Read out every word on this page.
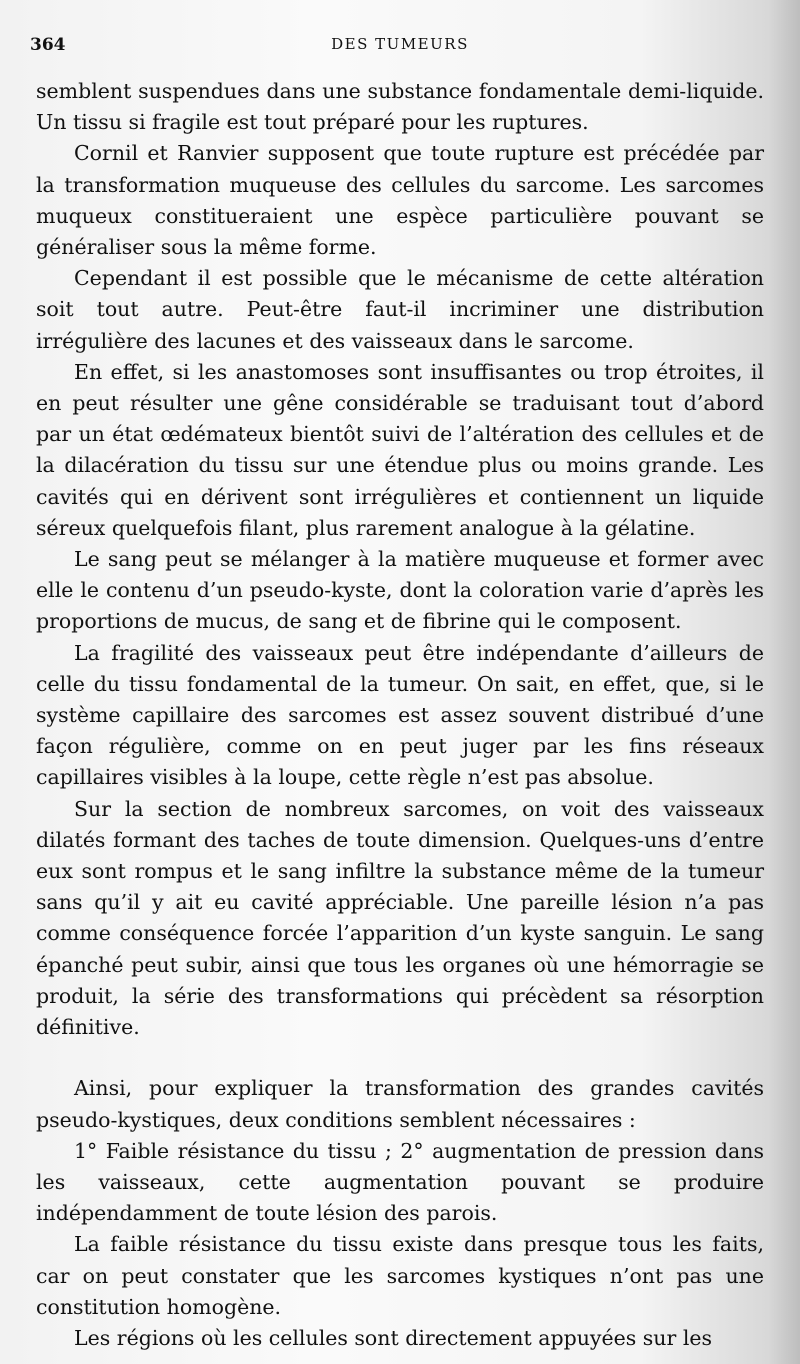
364	DES TUMEURS

semblent suspendues dans une substance fondamentale demi-liquide. Un tissu si fragile est tout préparé pour les ruptures.

Cornil et Ranvier supposent que toute rupture est précédée par la transformation muqueuse des cellules du sarcome. Les sarcomes muqueux constitueraient une espèce particulière pouvant se généraliser sous la même forme.

Cependant il est possible que le mécanisme de cette altération soit tout autre. Peut-être faut-il incriminer une distribution irrégulière des lacunes et des vaisseaux dans le sarcome.

En effet, si les anastomoses sont insuffisantes ou trop étroites, il en peut résulter une gêne considérable se traduisant tout d’abord par un état œdémateux bientôt suivi de l’altération des cellules et de la dilacération du tissu sur une étendue plus ou moins grande. Les cavités qui en dérivent sont irrégulières et contiennent un liquide séreux quelquefois filant, plus rarement analogue à la gélatine.

Le sang peut se mélanger à la matière muqueuse et former avec elle le contenu d’un pseudo-kyste, dont la coloration varie d’après les proportions de mucus, de sang et de fibrine qui le composent.

La fragilité des vaisseaux peut être indépendante d’ailleurs de celle du tissu fondamental de la tumeur. On sait, en effet, que, si le système capillaire des sarcomes est assez souvent distribué d’une façon régulière, comme on en peut juger par les fins réseaux capillaires visibles à la loupe, cette règle n’est pas absolue.

Sur la section de nombreux sarcomes, on voit des vaisseaux dilatés formant des taches de toute dimension. Quelques-uns d’entre eux sont rompus et le sang infiltre la substance même de la tumeur sans qu’il y ait eu cavité appréciable. Une pareille lésion n’a pas comme conséquence forcée l’apparition d’un kyste sanguin. Le sang épanché peut subir, ainsi que tous les organes où une hémorragie se produit, la série des transformations qui précèdent sa résorption définitive.

Ainsi, pour expliquer la transformation des grandes cavités pseudo-kystiques, deux conditions semblent nécessaires :

1° Faible résistance du tissu ; 2° augmentation de pression dans les vaisseaux, cette augmentation pouvant se produire indépendamment de toute lésion des parois.

La faible résistance du tissu existe dans presque tous les faits, car on peut constater que les sarcomes kystiques n’ont pas une constitution homogène.

Les régions où les cellules sont directement appuyées sur les
